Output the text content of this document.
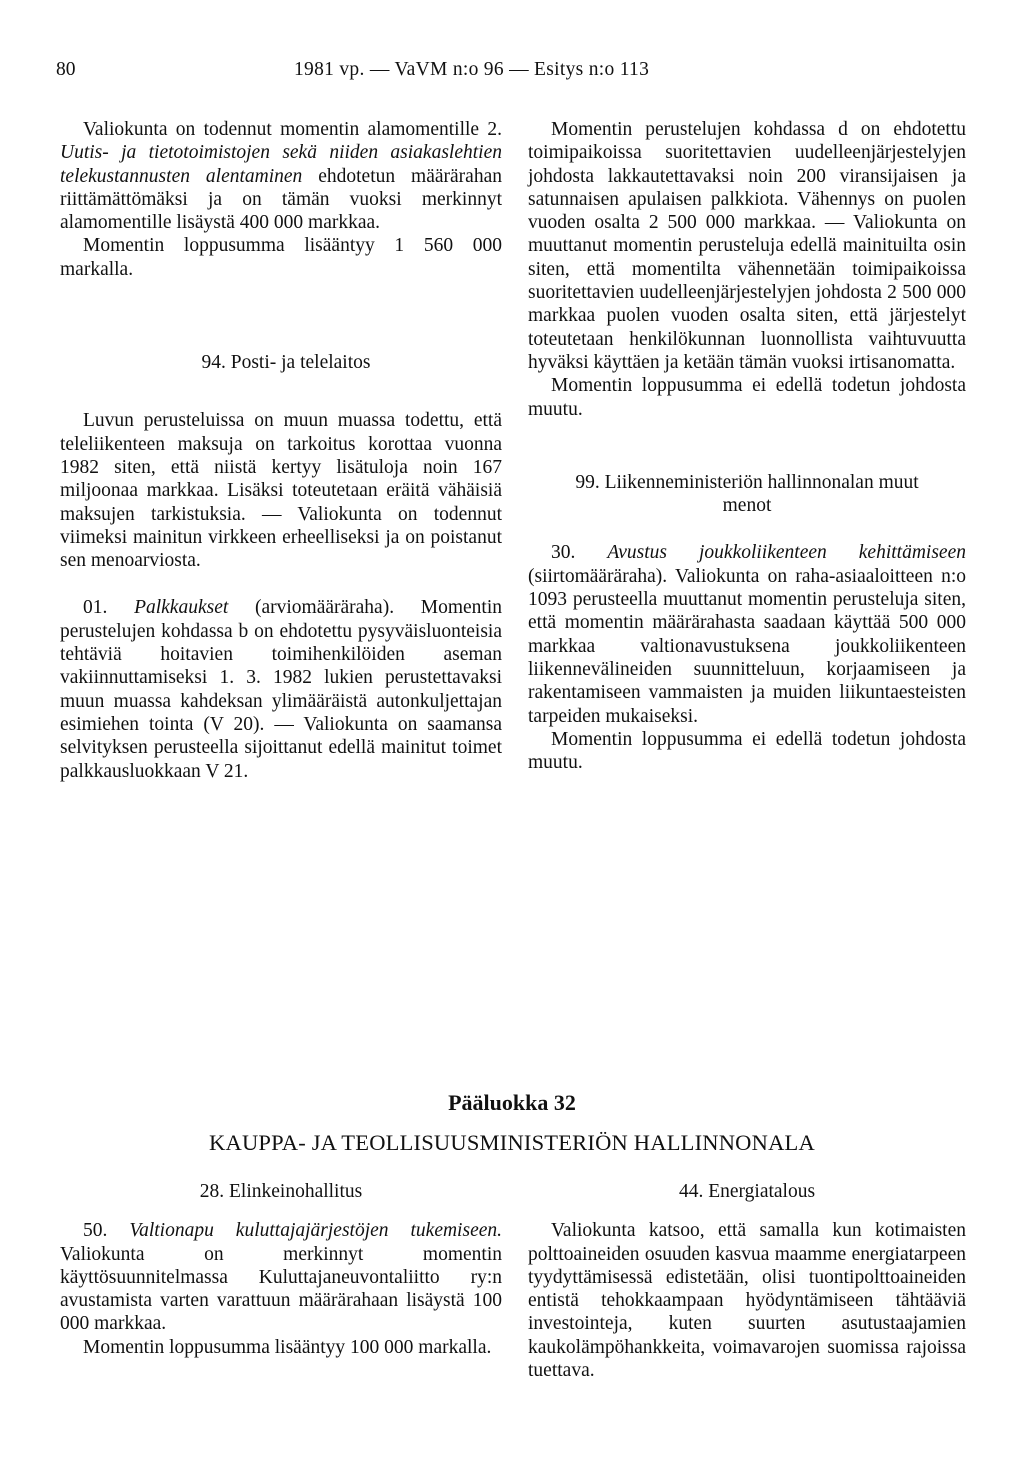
80	1981 vp. — VaVM n:o 96 — Esitys n:o 113

Valiokunta on todennut momentin alamomentille 2. Uutis- ja tietotoimistojen sekä niiden asiakaslehtien telekustannusten alentaminen ehdotetun määrärahan riittämättömäksi ja on tämän vuoksi merkinnyt alamomentille lisäystä 400 000 markkaa.

Momentin loppusumma lisääntyy 1 560 000 markalla.

94. Posti- ja telelaitos

Luvun perusteluissa on muun muassa todettu, että teleliikenteen maksuja on tarkoitus korottaa vuonna 1982 siten, että niistä kertyy lisätuloja noin 167 miljoonaa markkaa. Lisäksi toteutetaan eräitä vähäisiä maksujen tarkistuksia. — Valiokunta on todennut viimeksi mainitun virkkeen erheelliseksi ja on poistanut sen menoarviosta.

01. Palkkaukset (arviomääräraha). Momentin perustelujen kohdassa b on ehdotettu pysyväisluonteisia tehtäviä hoitavien toimihenkilöiden aseman vakiinnuttamiseksi 1. 3. 1982 lukien perustettavaksi muun muassa kahdeksan ylimääräistä autonkuljettajan esimiehen tointa (V 20). — Valiokunta on saamansa selvityksen perusteella sijoittanut edellä mainitut toimet palkkausluokkaan V 21.

Momentin perustelujen kohdassa d on ehdotettu toimipaikoissa suoritettavien uudelleenjärjestelyjen johdosta lakkautettavaksi noin 200 viransijaisen ja satunnaisen apulaisen palkkiota. Vähennys on puolen vuoden osalta 2 500 000 markkaa. — Valiokunta on muuttanut momentin perusteluja edellä mainituilta osin siten, että momentilta vähennetään toimipaikoissa suoritettavien uudelleenjärjestelyjen johdosta 2 500 000 markkaa puolen vuoden osalta siten, että järjestelyt toteutetaan henkilökunnan luonnollista vaihtuvuutta hyväksi käyttäen ja ketään tämän vuoksi irtisanomatta.

Momentin loppusumma ei edellä todetun johdosta muutu.

99. Liikenneministeriön hallinnonalan muut
menot

30. Avustus joukkoliikenteen kehittämiseen (siirtomääräraha). Valiokunta on raha-asiaaloitteen n:o 1093 perusteella muuttanut momentin perusteluja siten, että momentin määrärahasta saadaan käyttää 500 000 markkaa valtionavustuksena joukkoliikenteen liikennevälineiden suunnitteluun, korjaamiseen ja rakentamiseen vammaisten ja muiden liikuntaesteisten tarpeiden mukaiseksi.

Momentin loppusumma ei edellä todetun johdosta muutu.

Pääluokka 32
KAUPPA- JA TEOLLISUUSMINISTERIÖN HALLINNONALA

28. Elinkeinohallitus

50. Valtionapu kuluttajajärjestöjen tukemiseen. Valiokunta on merkinnyt momentin käyttösuunnitelmassa Kuluttajaneuvontaliitto ry:n avustamista varten varattuun määrärahaan lisäystä 100 000 markkaa.

Momentin loppusumma lisääntyy 100 000 markalla.

44. Energiatalous

Valiokunta katsoo, että samalla kun kotimaisten polttoaineiden osuuden kasvua maamme energiatarpeen tyydyttämisessä edistetään, olisi tuontipolttoaineiden entistä tehokkaampaan hyödyntämiseen tähtääviä investointeja, kuten suurten asutustaajamien kaukolämpöhankkeita, voimavarojen suomissa rajoissa tuettava.
